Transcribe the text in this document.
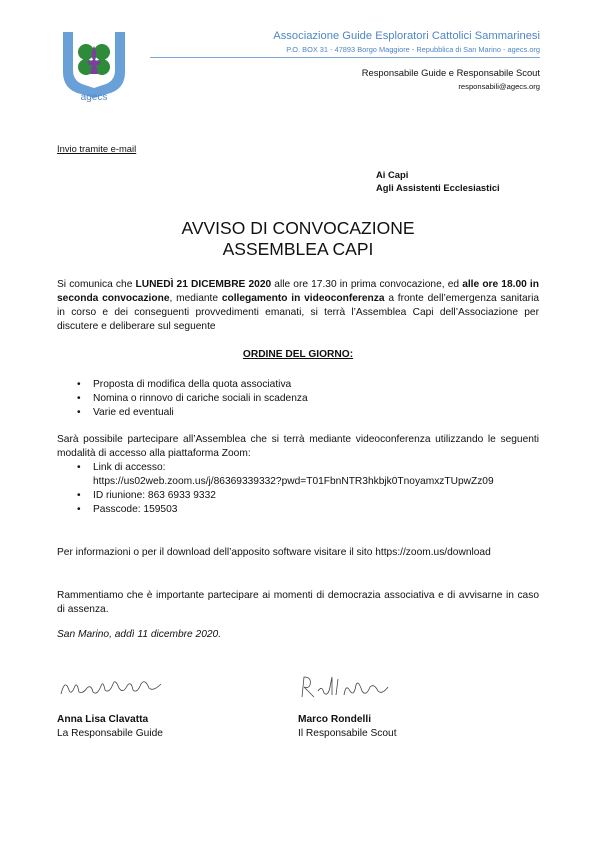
agecs
Associazione Guide Esploratori Cattolici Sammarinesi
P.O. BOX 31 - 47893 Borgo Maggiore - Repubblica di San Marino - agecs.org
Responsabile Guide e Responsabile Scout
responsabili@agecs.org
Invio tramite e-mail
Ai Capi
Agli Assistenti Ecclesiastici
AVVISO DI CONVOCAZIONE
ASSEMBLEA CAPI
Si comunica che LUNEDÌ 21 DICEMBRE 2020 alle ore 17.30 in prima convocazione, ed alle ore 18.00 in seconda convocazione, mediante collegamento in videoconferenza a fronte dell’emergenza sanitaria in corso e dei conseguenti provvedimenti emanati, si terrà l’Assemblea Capi dell’Associazione per discutere e deliberare sul seguente
ORDINE DEL GIORNO:
• Proposta di modifica della quota associativa
• Nomina o rinnovo di cariche sociali in scadenza
• Varie ed eventuali
Sarà possibile partecipare all’Assemblea che si terrà mediante videoconferenza utilizzando le seguenti modalità di accesso alla piattaforma Zoom:
• Link di accesso:
https://us02web.zoom.us/j/86369339332?pwd=T01FbnNTR3hkbjk0TnoyamxzTUpwZz09
• ID riunione: 863 6933 9332
• Passcode: 159503
Per informazioni o per il download dell’apposito software visitare il sito https://zoom.us/download
Rammentiamo che è importante partecipare ai momenti di democrazia associativa e di avvisarne in caso di assenza.
San Marino, addì 11 dicembre 2020.
Anna Lisa Clavatta
La Responsabile Guide
Marco Rondelli
Il Responsabile Scout
